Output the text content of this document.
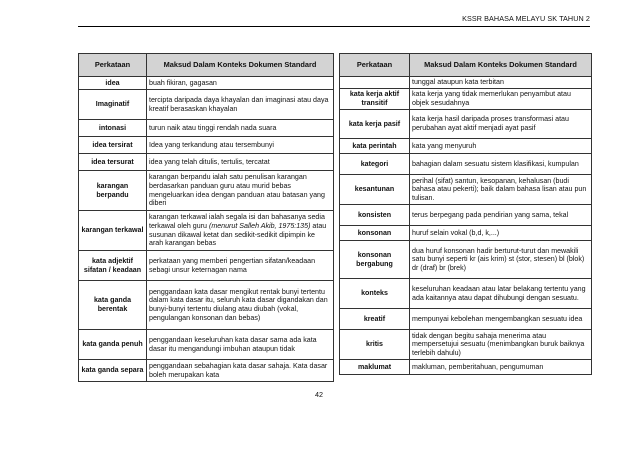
KSSR BAHASA MELAYU SK TAHUN 2
Perkataan	Maksud Dalam Konteks Dokumen Standard
idea	buah fikiran, gagasan
Imaginatif	tercipta daripada daya khayalan dan imaginasi atau daya kreatif berasaskan khayalan
intonasi	turun naik atau tinggi rendah nada suara
idea tersirat	Idea yang terkandung atau tersembunyi
idea tersurat	idea yang telah ditulis, tertulis, tercatat
karangan berpandu	karangan berpandu ialah satu penulisan karangan berdasarkan panduan guru atau murid bebas mengeluarkan idea dengan panduan atau batasan yang diberi
karangan terkawal	karangan terkawal ialah segala isi dan bahasanya sedia terkawal oleh guru (menurut Salleh Akib, 1975:135) atau susunan dikawal ketat dan sedikit-sedikit dipimpin ke arah karangan bebas
kata adjektif sifatan / keadaan	perkataan yang memberi pengertian sifatan/keadaan sebagi unsur keternagan nama
kata ganda berentak	penggandaan kata dasar mengikut rentak bunyi tertentu dalam kata dasar itu, seluruh kata dasar digandakan dan bunyi-bunyi tertentu diulang atau diubah (vokal, pengulangan konsonan dan bebas)
kata ganda penuh	penggandaan keseluruhan kata dasar sama ada kata dasar itu mengandungi imbuhan ataupun tidak
kata ganda separa	penggandaan sebahagian kata dasar sahaja. Kata dasar boleh merupakan kata
Perkataan	Maksud Dalam Konteks Dokumen Standard
	tunggal ataupun kata terbitan
kata kerja aktif transitif	kata kerja yang tidak memerlukan penyambut atau objek sesudahnya
kata kerja pasif	kata kerja hasil daripada proses transformasi atau perubahan ayat aktif menjadi ayat pasif
kata perintah	kata yang menyuruh
kategori	bahagian dalam sesuatu sistem klasifikasi, kumpulan
kesantunan	perihal (sifat) santun, kesopanan, kehalusan (budi bahasa atau pekerti); baik dalam bahasa lisan atau pun tulisan.
konsisten	terus berpegang pada pendirian yang sama, tekal
konsonan	huruf selain vokal (b,d, k,...)
konsonan bergabung	dua huruf konsonan hadir berturut-turut dan mewakili satu bunyi seperti kr (ais krim) st (stor, stesen) bl (blok) dr (draf) br (brek)
konteks	keseluruhan keadaan atau latar belakang tertentu yang ada kaitannya atau dapat dihubungi dengan sesuatu.
kreatif	mempunyai kebolehan mengembangkan sesuatu idea
kritis	tidak dengan begitu sahaja menerima atau mempersetujui sesuatu (menimbangkan buruk baiknya terlebih dahulu)
maklumat	makluman, pemberitahuan, pengumuman
42
